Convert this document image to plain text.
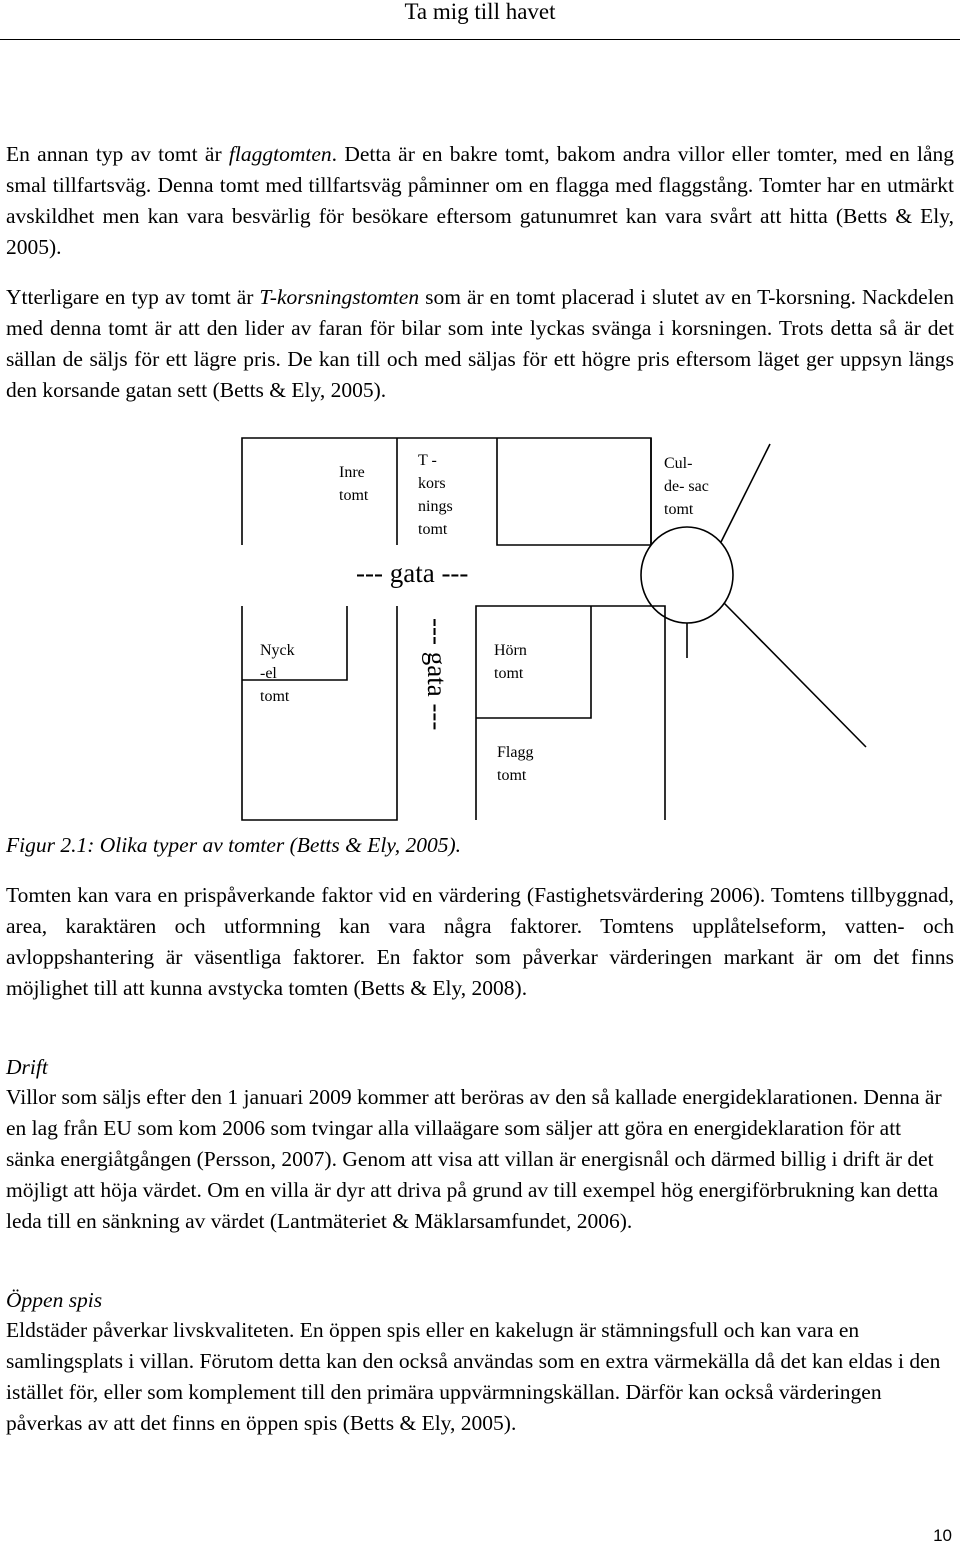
Ta mig till havet

En annan typ av tomt är flaggtomten. Detta är en bakre tomt, bakom andra villor eller tomter, med en lång smal tillfartsväg. Denna tomt med tillfartsväg påminner om en flagga med flaggstång. Tomter har en utmärkt avskildhet men kan vara besvärlig för besökare eftersom gatunumret kan vara svårt att hitta (Betts & Ely, 2005).

Ytterligare en typ av tomt är T-korsningstomten som är en tomt placerad i slutet av en T-korsning. Nackdelen med denna tomt är att den lider av faran för bilar som inte lyckas svänga i korsningen. Trots detta så är det sällan de säljs för ett lägre pris. De kan till och med säljas för ett högre pris eftersom läget ger uppsyn längs den korsande gatan sett (Betts & Ely, 2005).

Inre
tomt
T -
kors
nings
tomt
Cul-
de- sac
tomt
--- gata ---
Nyck
-el
tomt	--- gata ---	Hörn
tomt
Flagg
tomt
Figur 2.1: Olika typer av tomter (Betts & Ely, 2005).

Tomten kan vara en prispåverkande faktor vid en värdering (Fastighetsvärdering 2006). Tomtens tillbyggnad, area, karaktären och utformning kan vara några faktorer. Tomtens upplåtelseform, vatten- och avloppshantering är väsentliga faktorer. En faktor som påverkar värderingen markant är om det finns möjlighet till att kunna avstycka tomten (Betts & Ely, 2008).

Drift

Villor som säljs efter den 1 januari 2009 kommer att beröras av den så kallade energideklarationen. Denna är en lag från EU som kom 2006 som tvingar alla villaägare som säljer att göra en energideklaration för att sänka energiåtgången (Persson, 2007). Genom att visa att villan är energisnål och därmed billig i drift är det möjligt att höja värdet. Om en villa är dyr att driva på grund av till exempel hög energiförbrukning kan detta leda till en sänkning av värdet (Lantmäteriet & Mäklarsamfundet, 2006).

Öppen spis

Eldstäder påverkar livskvaliteten. En öppen spis eller en kakelugn är stämningsfull och kan vara en samlingsplats i villan. Förutom detta kan den också användas som en extra värmekälla då det kan eldas i den istället för, eller som komplement till den primära uppvärmningskällan. Därför kan också värderingen påverkas av att det finns en öppen spis (Betts & Ely, 2005).

10
